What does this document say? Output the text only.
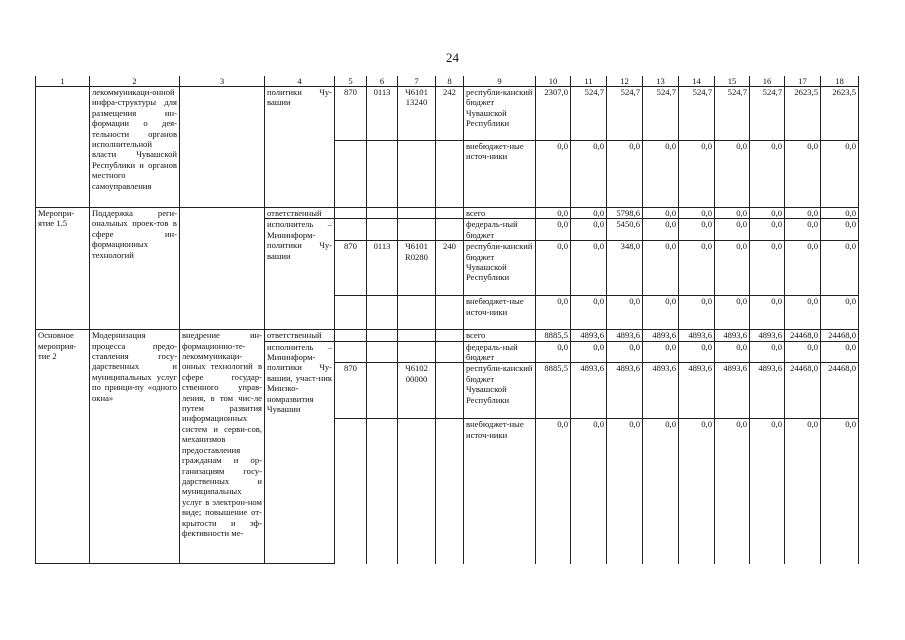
24
1	2	3	4	5	6	7	8	9	10	11	12	13	14	15	16	17	18
	лекоммуникаци-онной инфра-структуры для размещения ин-формации о дея-тельности органов исполнительной власти Чувашской Республики и органов местного самоуправления		политики Чу-вашии	870	0113	Ч6101 13240	242	республи-канский бюджет Чувашской Республики	2307,0	524,7	524,7	524,7	524,7	524,7	524,7	2623,5	2623,5
								внебюджет-ные источ-ники	0,0	0,0	0,0	0,0	0,0	0,0	0,0	0,0	0,0
Меропри-ятие 1.5	Поддержка реги-ональных проек-тов в сфере ин-формационных технологий		ответственный					всего	0,0	0,0	5798,6	0,0	0,0	0,0	0,0	0,0	0,0
			исполнитель – Мининформ-политики Чу-вашии					федераль-ный бюджет	0,0	0,0	5450,6	0,0	0,0	0,0	0,0	0,0	0,0
				870	0113	Ч6101 R0280	240	республи-канский бюджет Чувашской Республики	0,0	0,0	348,0	0,0	0,0	0,0	0,0	0,0	0,0
								внебюджет-ные источ-ники	0,0	0,0	0,0	0,0	0,0	0,0	0,0	0,0	0,0
Основное мероприя-тие 2	Модернизация процесса предо-ставления госу-дарственных и муниципальных услуг по принци-пу «одного окна»	внедрение ин-формационно-те-лекоммуникаци-онных технологий в сфере государ-ственного управ-ления, в том чис-ле путем развития информационных систем и серви-сов, механизмов предоставления гражданам и ор-ганизациям госу-дарственных и муниципальных услуг в электрон-ном виде; повышение от-крытости и эф-фективности ме-	ответственный					всего	8885,5	4893,6	4893,6	4893,6	4893,6	4893,6	4893,6	24468,0	24468,0
			исполнитель – Мининформ-политики Чу-вашии, участ-ник Минэко-номразвития Чувашии					федераль-ный бюджет	0,0	0,0	0,0	0,0	0,0	0,0	0,0	0,0	0,0
				870		Ч6102 00000		республи-канский бюджет Чувашской Республики	8885,5	4893,6	4893,6	4893,6	4893,6	4893,6	4893,6	24468,0	24468,0
								внебюджет-ные источ-ники	0,0	0,0	0,0	0,0	0,0	0,0	0,0	0,0	0,0
